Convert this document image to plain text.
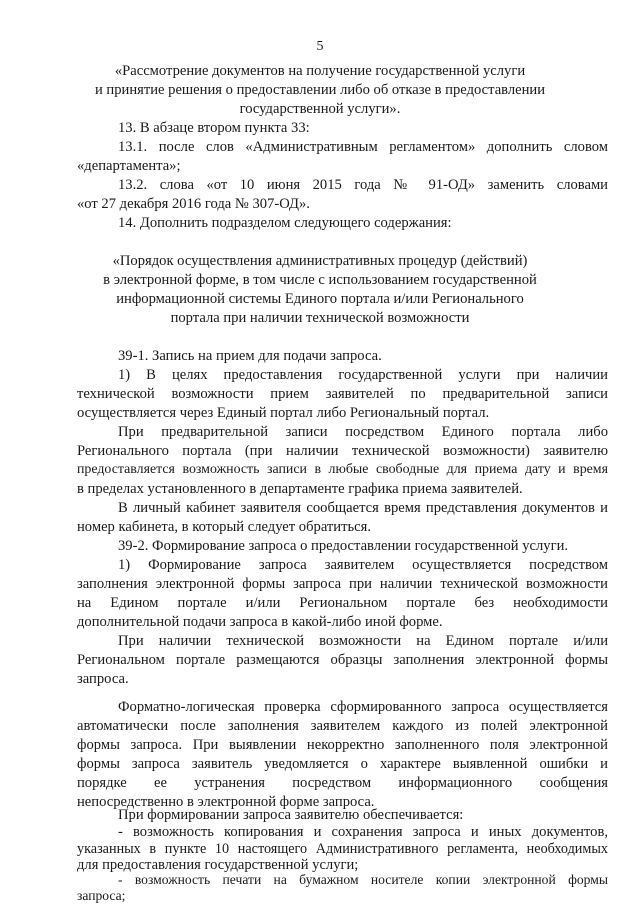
5
«Рассмотрение документов на получение государственной услуги
и принятие решения о предоставлении либо об отказе в предоставлении
государственной услуги».
13. В абзаце втором пункта 33:
13.1. после слов «Административным регламентом» дополнить словом
«департамента»;
13.2. слова «от 10 июня 2015 года № 91-ОД» заменить словами
«от 27 декабря 2016 года № 307-ОД».
14. Дополнить подразделом следующего содержания:
«Порядок осуществления административных процедур (действий)
в электронной форме, в том числе с использованием государственной
информационной системы Единого портала и/или Регионального
портала при наличии технической возможности
39-1. Запись на прием для подачи запроса.
1) В целях предоставления государственной услуги при наличии
технической возможности прием заявителей по предварительной записи
осуществляется через Единый портал либо Региональный портал.
При предварительной записи посредством Единого портала либо
Регионального портала (при наличии технической возможности) заявителю
предоставляется возможность записи в любые свободные для приема дату и время
в пределах установленного в департаменте графика приема заявителей.
В личный кабинет заявителя сообщается время представления документов и
номер кабинета, в который следует обратиться.
39-2. Формирование запроса о предоставлении государственной услуги.
1) Формирование запроса заявителем осуществляется посредством
заполнения электронной формы запроса при наличии технической возможности
на Едином портале и/или Региональном портале без необходимости
дополнительной подачи запроса в какой-либо иной форме.
При наличии технической возможности на Едином портале и/или
Региональном портале размещаются образцы заполнения электронной формы
запроса.
Форматно-логическая проверка сформированного запроса осуществляется
автоматически после заполнения заявителем каждого из полей электронной
формы запроса. При выявлении некорректно заполненного поля электронной
формы запроса заявитель уведомляется о характере выявленной ошибки и
порядке ее устранения посредством информационного сообщения
непосредственно в электронной форме запроса.
При формировании запроса заявителю обеспечивается:
- возможность копирования и сохранения запроса и иных документов,
указанных в пункте 10 настоящего Административного регламента, необходимых
для предоставления государственной услуги;
- возможность печати на бумажном носителе копии электронной формы
запроса;
